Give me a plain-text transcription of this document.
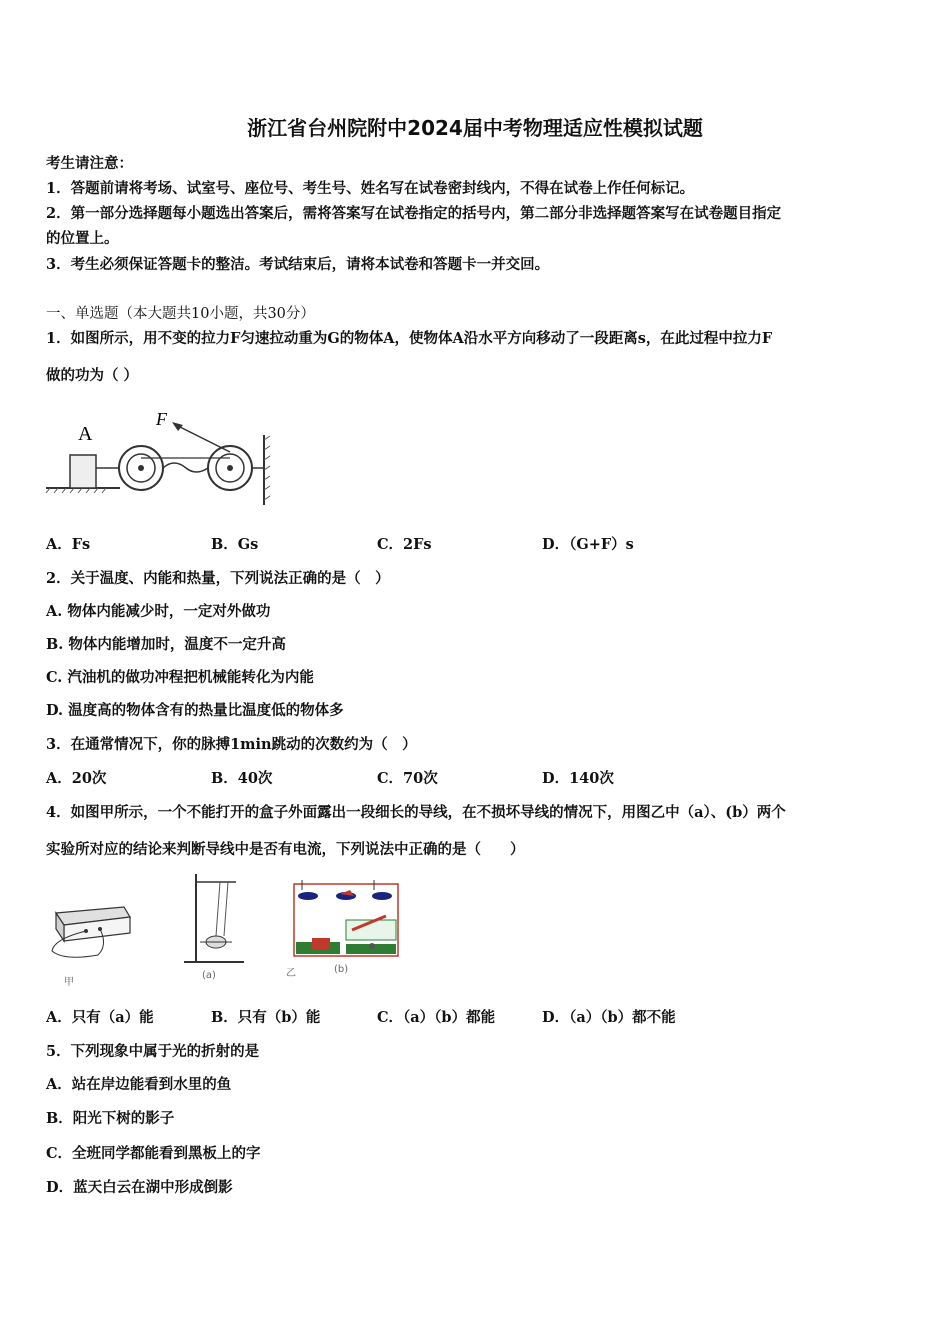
浙江省台州院附中2024届中考物理适应性模拟试题
考生请注意：
1．答题前请将考场、试室号、座位号、考生号、姓名写在试卷密封线内，不得在试卷上作任何标记。
2．第一部分选择题每小题选出答案后，需将答案写在试卷指定的括号内，第二部分非选择题答案写在试卷题目指定
的位置上。
3．考生必须保证答题卡的整洁。考试结束后，请将本试卷和答题卡一并交回。
一、单选题（本大题共10小题，共30分）
1．如图所示，用不变的拉力F匀速拉动重为G的物体A，使物体A沿水平方向移动了一段距离s，在此过程中拉力F
做的功为（ ）
A
F
A．Fs	B．Gs	C．2Fs	D．（G+F）s
2．关于温度、内能和热量，下列说法正确的是（　）
A. 物体内能减少时，一定对外做功
B. 物体内能增加时，温度不一定升高
C. 汽油机的做功冲程把机械能转化为内能
D. 温度高的物体含有的热量比温度低的物体多
3．在通常情况下，你的脉搏1min跳动的次数约为（　）
A．20次	B．40次	C．70次	D．140次
4．如图甲所示，一个不能打开的盒子外面露出一段细长的导线，在不损坏导线的情况下，用图乙中（a）、(b）两个
实验所对应的结论来判断导线中是否有电流，下列说法中正确的是（　　）
甲
(a)	乙	(b)
A．只有（a）能	B．只有（b）能	C．（a）（b）都能	D．（a）（b）都不能
5．下列现象中属于光的折射的是
A．站在岸边能看到水里的鱼
B．阳光下树的影子
C．全班同学都能看到黑板上的字
D．蓝天白云在湖中形成倒影
